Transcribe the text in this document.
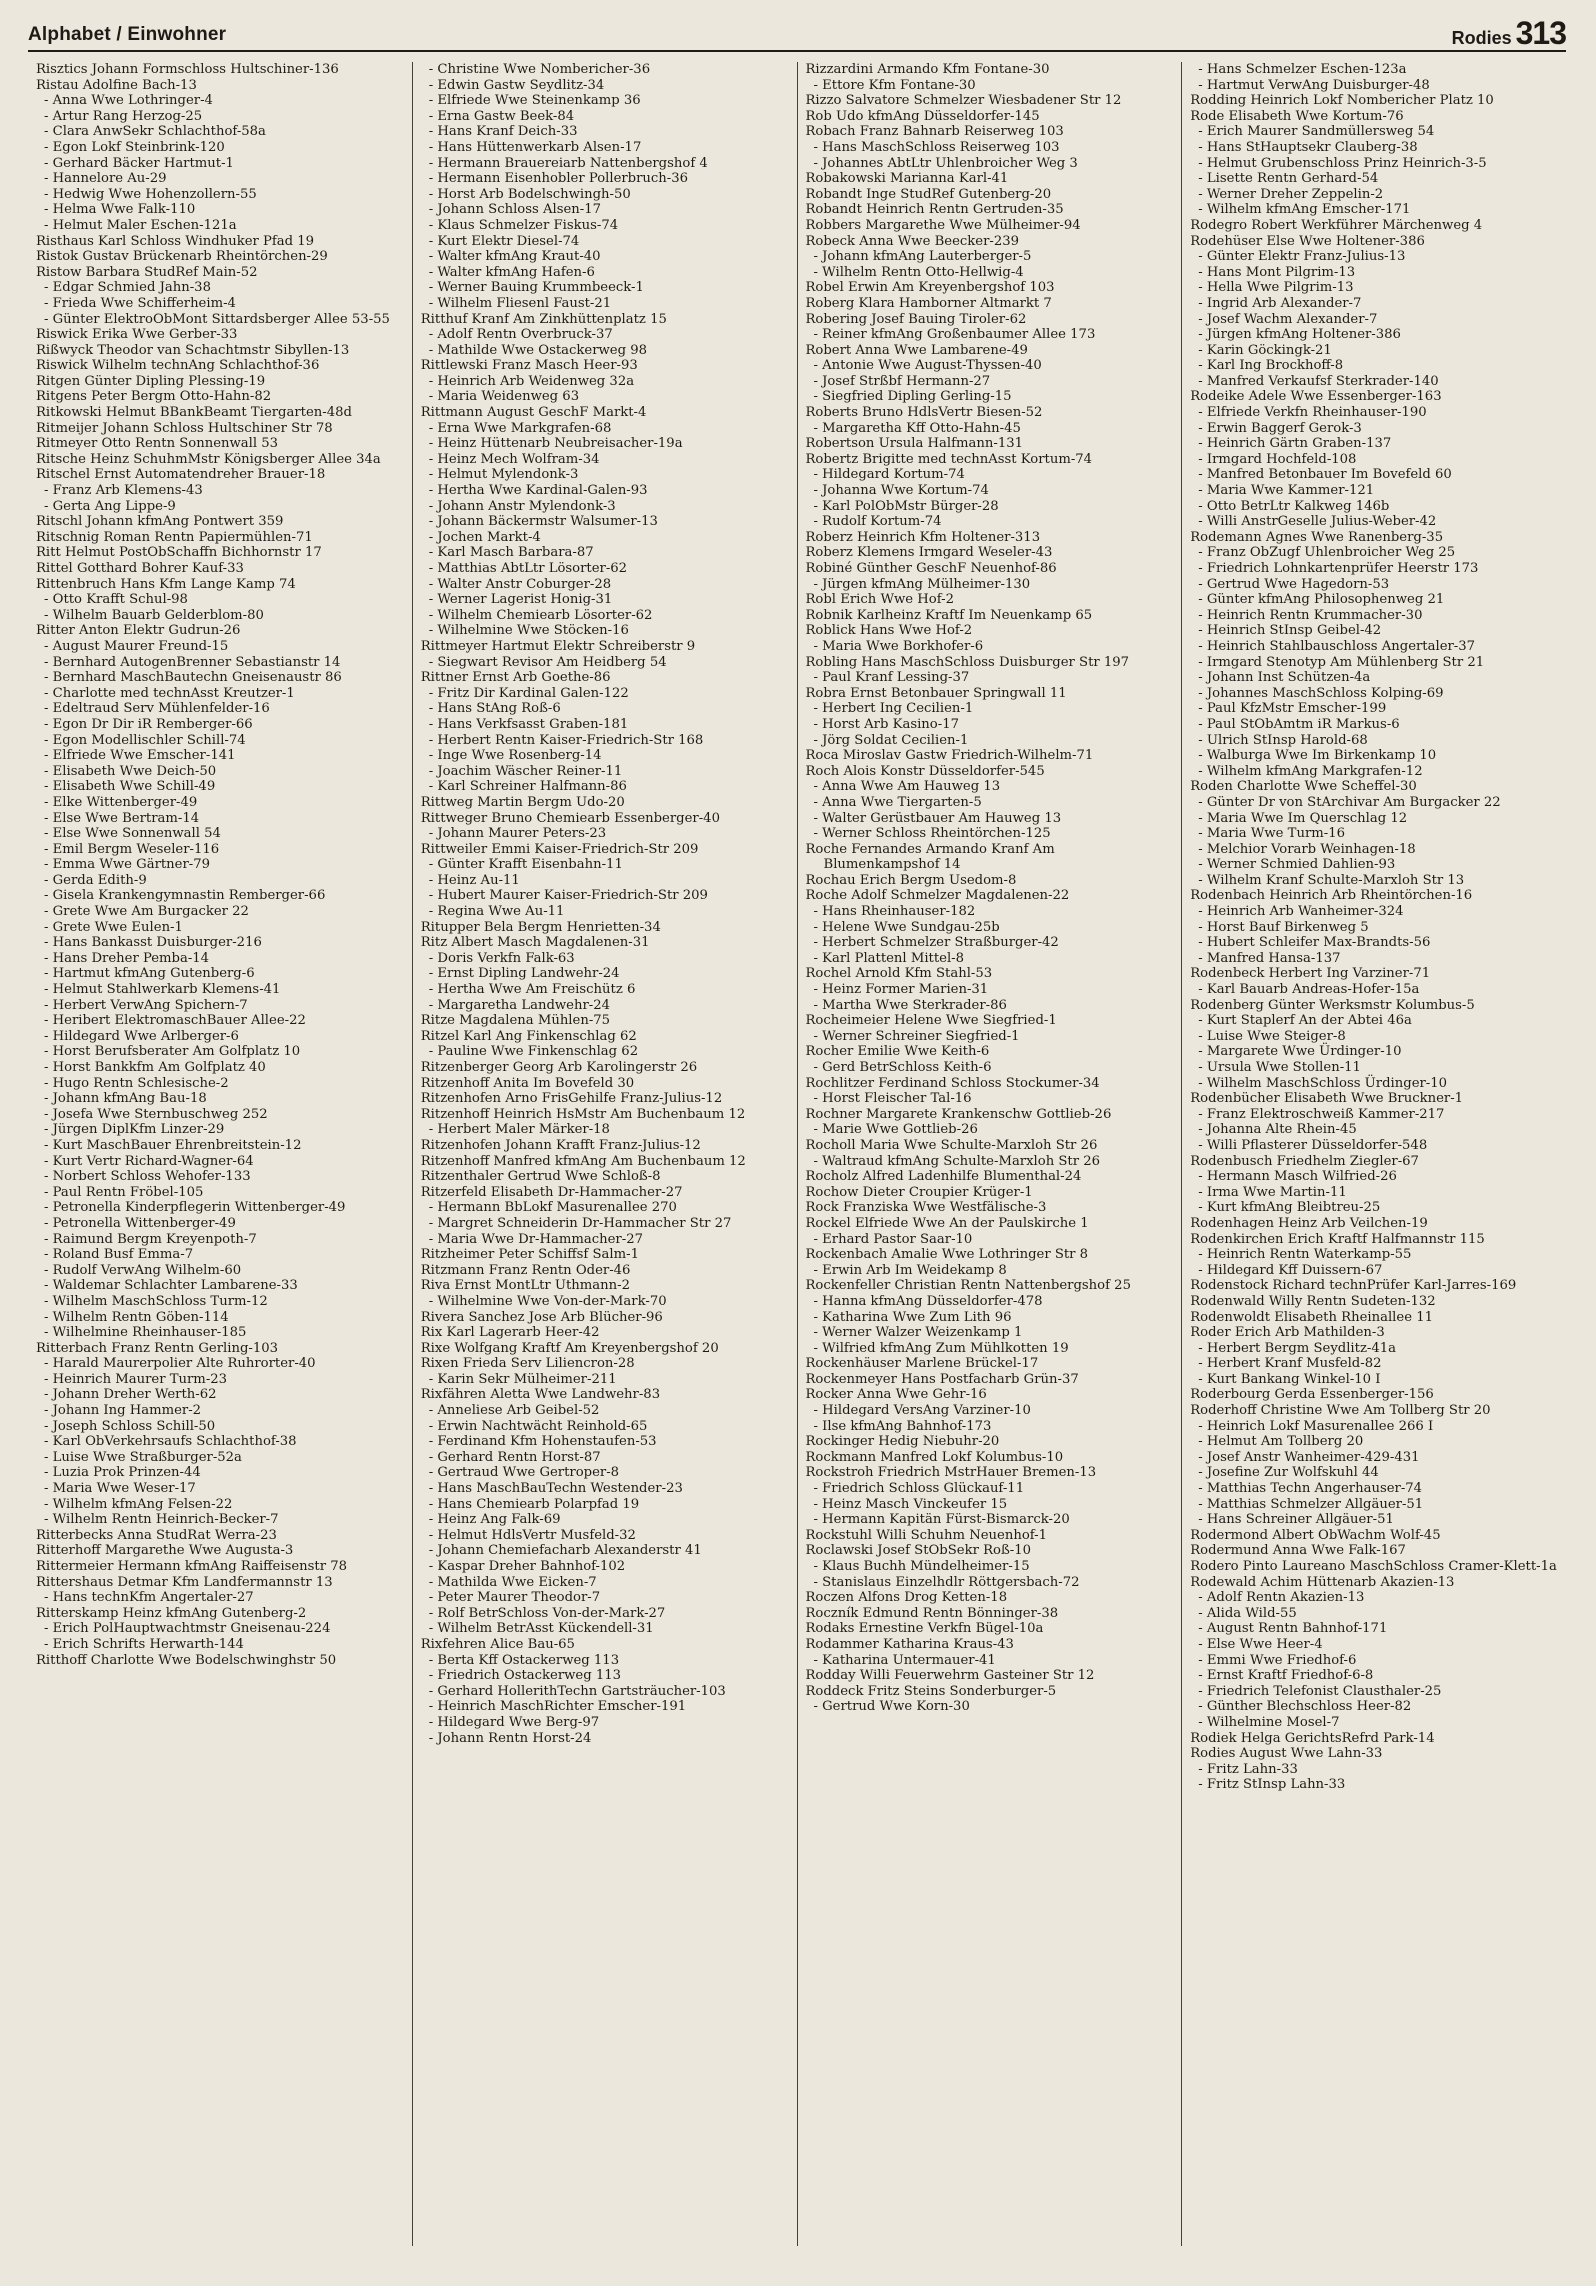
Alphabet / Einwohner	Rodies 313
Risztics Johann Formschloss Hultschiner-136
Ristau Adolfine Bach-13
- Anna Wwe Lothringer-4
- Artur Rang Herzog-25
- Clara AnwSekr Schlachthof-58a
- Egon Lokf Steinbrink-120
- Gerhard Bäcker Hartmut-1
- Hannelore Au-29
- Hedwig Wwe Hohenzollern-55
- Helma Wwe Falk-110
- Helmut Maler Eschen-121a
Risthaus Karl Schloss Windhuker Pfad 19
Ristok Gustav Brückenarb Rheintörchen-29
Ristow Barbara StudRef Main-52
- Edgar Schmied Jahn-38
- Frieda Wwe Schifferheim-4
- Günter ElektroObMont Sittardsberger Allee 53-55
Riswick Erika Wwe Gerber-33
Rißwyck Theodor van Schachtmstr Sibyllen-13
Riswick Wilhelm technAng Schlachthof-36
Ritgen Günter Dipling Plessing-19
Ritgens Peter Bergm Otto-Hahn-82
Ritkowski Helmut BBankBeamt Tiergarten-48d
Ritmeijer Johann Schloss Hultschiner Str 78
Ritmeyer Otto Rentn Sonnenwall 53
Ritsche Heinz SchuhmMstr Königsberger Allee 34a
Ritschel Ernst Automatendreher Brauer-18
- Franz Arb Klemens-43
- Gerta Ang Lippe-9
Ritschl Johann kfmAng Pontwert 359
Ritschnig Roman Rentn Papiermühlen-71
Ritt Helmut PostObSchaffn Bichhornstr 17
Rittel Gotthard Bohrer Kauf-33
Rittenbruch Hans Kfm Lange Kamp 74
- Otto Krafft Schul-98
- Wilhelm Bauarb Gelderblom-80
Ritter Anton Elektr Gudrun-26
- August Maurer Freund-15
- Bernhard AutogenBrenner Sebastianstr 14
- Bernhard MaschBautechn Gneisenaustr 86
- Charlotte med technAsst Kreutzer-1
- Edeltraud Serv Mühlenfelder-16
- Egon Dr Dir iR Remberger-66
- Egon Modellischler Schill-74
- Elfriede Wwe Emscher-141
- Elisabeth Wwe Deich-50
- Elisabeth Wwe Schill-49
- Elke Wittenberger-49
- Else Wwe Bertram-14
- Else Wwe Sonnenwall 54
- Emil Bergm Weseler-116
- Emma Wwe Gärtner-79
- Gerda Edith-9
- Gisela Krankengymnastin Remberger-66
- Grete Wwe Am Burgacker 22
- Grete Wwe Eulen-1
- Hans Bankasst Duisburger-216
- Hans Dreher Pemba-14
- Hartmut kfmAng Gutenberg-6
- Helmut Stahlwerkarb Klemens-41
- Herbert VerwAng Spichern-7
- Heribert ElektromaschBauer Allee-22
- Hildegard Wwe Arlberger-6
- Horst Berufsberater Am Golfplatz 10
- Horst Bankkfm Am Golfplatz 40
- Hugo Rentn Schlesische-2
- Johann kfmAng Bau-18
- Josefa Wwe Sternbuschweg 252
- Jürgen DiplKfm Linzer-29
- Kurt MaschBauer Ehrenbreitstein-12
- Kurt Vertr Richard-Wagner-64
- Norbert Schloss Wehofer-133
- Paul Rentn Fröbel-105
- Petronella Kinderpflegerin Wittenberger-49
- Petronella Wittenberger-49
- Raimund Bergm Kreyenpoth-7
- Roland Busf Emma-7
- Rudolf VerwAng Wilhelm-60
- Waldemar Schlachter Lambarene-33
- Wilhelm MaschSchloss Turm-12
- Wilhelm Rentn Göben-114
- Wilhelmine Rheinhauser-185
Ritterbach Franz Rentn Gerling-103
- Harald Maurerpolier Alte Ruhrorter-40
- Heinrich Maurer Turm-23
- Johann Dreher Werth-62
- Johann Ing Hammer-2
- Joseph Schloss Schill-50
- Karl ObVerkehrsaufs Schlachthof-38
- Luise Wwe Straßburger-52a
- Luzia Prok Prinzen-44
- Maria Wwe Weser-17
- Wilhelm kfmAng Felsen-22
- Wilhelm Rentn Heinrich-Becker-7
Ritterbecks Anna StudRat Werra-23
Ritterhoff Margarethe Wwe Augusta-3
Rittermeier Hermann kfmAng Raiffeisenstr 78
Rittershaus Detmar Kfm Landfermannstr 13
- Hans technKfm Angertaler-27
Ritterskamp Heinz kfmAng Gutenberg-2
- Erich PolHauptwachtmstr Gneisenau-224
- Erich Schrifts Herwarth-144
Ritthoff Charlotte Wwe Bodelschwinghstr 50
- Christine Wwe Nombericher-36
- Edwin Gastw Seydlitz-34
- Elfriede Wwe Steinenkamp 36
- Erna Gastw Beek-84
- Hans Kranf Deich-33
- Hans Hüttenwerkarb Alsen-17
- Hermann Brauereiarb Nattenbergshof 4
- Hermann Eisenhobler Pollerbruch-36
- Horst Arb Bodelschwingh-50
- Johann Schloss Alsen-17
- Klaus Schmelzer Fiskus-74
- Kurt Elektr Diesel-74
- Walter kfmAng Kraut-40
- Walter kfmAng Hafen-6
- Werner Bauing Krummbeeck-1
- Wilhelm Fliesenl Faust-21
Ritthuf Kranf Am Zinkhüttenplatz 15
- Adolf Rentn Overbruck-37
- Mathilde Wwe Ostackerweg 98
Rittlewski Franz Masch Heer-93
- Heinrich Arb Weidenweg 32a
- Maria Weidenweg 63
Rittmann August GeschF Markt-4
- Erna Wwe Markgrafen-68
- Heinz Hüttenarb Neubreisacher-19a
- Heinz Mech Wolfram-34
- Helmut Mylendonk-3
- Hertha Wwe Kardinal-Galen-93
- Johann Anstr Mylendonk-3
- Johann Bäckermstr Walsumer-13
- Jochen Markt-4
- Karl Masch Barbara-87
- Matthias AbtLtr Lösorter-62
- Walter Anstr Coburger-28
- Werner Lagerist Honig-31
- Wilhelm Chemiearb Lösorter-62
- Wilhelmine Wwe Stöcken-16
Rittmeyer Hartmut Elektr Schreiberstr 9
- Siegwart Revisor Am Heidberg 54
Rittner Ernst Arb Goethe-86
- Fritz Dir Kardinal Galen-122
- Hans StAng Roß-6
- Hans Verkfsasst Graben-181
- Herbert Rentn Kaiser-Friedrich-Str 168
- Inge Wwe Rosenberg-14
- Joachim Wäscher Reiner-11
- Karl Schreiner Halfmann-86
Rittweg Martin Bergm Udo-20
Rittweger Bruno Chemiearb Essenberger-40
- Johann Maurer Peters-23
Rittweiler Emmi Kaiser-Friedrich-Str 209
- Günter Krafft Eisenbahn-11
- Heinz Au-11
- Hubert Maurer Kaiser-Friedrich-Str 209
- Regina Wwe Au-11
Ritupper Bela Bergm Henrietten-34
Ritz Albert Masch Magdalenen-31
- Doris Verkfn Falk-63
- Ernst Dipling Landwehr-24
- Hertha Wwe Am Freischütz 6
- Margaretha Landwehr-24
Ritze Magdalena Mühlen-75
Ritzel Karl Ang Finkenschlag 62
- Pauline Wwe Finkenschlag 62
Ritzenberger Georg Arb Karolingerstr 26
Ritzenhoff Anita Im Bovefeld 30
Ritzenhofen Arno FrisGehilfe Franz-Julius-12
Ritzenhoff Heinrich HsMstr Am Buchenbaum 12
- Herbert Maler Märker-18
Ritzenhofen Johann Krafft Franz-Julius-12
Ritzenhoff Manfred kfmAng Am Buchenbaum 12
Ritzenthaler Gertrud Wwe Schloß-8
Ritzerfeld Elisabeth Dr-Hammacher-27
- Hermann BbLokf Masurenallee 270
- Margret Schneiderin Dr-Hammacher Str 27
- Maria Wwe Dr-Hammacher-27
Ritzheimer Peter Schiffsf Salm-1
Ritzmann Franz Rentn Oder-46
Riva Ernst MontLtr Uthmann-2
- Wilhelmine Wwe Von-der-Mark-70
Rivera Sanchez Jose Arb Blücher-96
Rix Karl Lagerarb Heer-42
Rixe Wolfgang Kraftf Am Kreyenbergshof 20
Rixen Frieda Serv Liliencron-28
- Karin Sekr Mülheimer-211
Rixfähren Aletta Wwe Landwehr-83
- Anneliese Arb Geibel-52
- Erwin Nachtwächt Reinhold-65
- Ferdinand Kfm Hohenstaufen-53
- Gerhard Rentn Horst-87
- Gertraud Wwe Gertroper-8
- Hans MaschBauTechn Westender-23
- Hans Chemiearb Polarpfad 19
- Heinz Ang Falk-69
- Helmut HdlsVertr Musfeld-32
- Johann Chemiefacharb Alexanderstr 41
- Kaspar Dreher Bahnhof-102
- Mathilda Wwe Eicken-7
- Peter Maurer Theodor-7
- Rolf BetrSchloss Von-der-Mark-27
- Wilhelm BetrAsst Kückendell-31
Rixfehren Alice Bau-65
- Berta Kff Ostackerweg 113
- Friedrich Ostackerweg 113
- Gerhard HollerithTechn Gartsträucher-103
- Heinrich MaschRichter Emscher-191
- Hildegard Wwe Berg-97
- Johann Rentn Horst-24
Rizzardini Armando Kfm Fontane-30
- Ettore Kfm Fontane-30
Rizzo Salvatore Schmelzer Wiesbadener Str 12
Rob Udo kfmAng Düsseldorfer-145
Robach Franz Bahnarb Reiserweg 103
- Hans MaschSchloss Reiserweg 103
- Johannes AbtLtr Uhlenbroicher Weg 3
Robakowski Marianna Karl-41
Robandt Inge StudRef Gutenberg-20
Robandt Heinrich Rentn Gertruden-35
Robbers Margarethe Wwe Mülheimer-94
Robeck Anna Wwe Beecker-239
- Johann kfmAng Lauterberger-5
- Wilhelm Rentn Otto-Hellwig-4
Robel Erwin Am Kreyenbergshof 103
Roberg Klara Hamborner Altmarkt 7
Robering Josef Bauing Tiroler-62
- Reiner kfmAng Großenbaumer Allee 173
Robert Anna Wwe Lambarene-49
- Antonie Wwe August-Thyssen-40
- Josef Strßbf Hermann-27
- Siegfried Dipling Gerling-15
Roberts Bruno HdlsVertr Biesen-52
- Margaretha Kff Otto-Hahn-45
Robertson Ursula Halfmann-131
Robertz Brigitte med technAsst Kortum-74
- Hildegard Kortum-74
- Johanna Wwe Kortum-74
- Karl PolObMstr Bürger-28
- Rudolf Kortum-74
Roberz Heinrich Kfm Holtener-313
Roberz Klemens Irmgard Weseler-43
Robiné Günther GeschF Neuenhof-86
- Jürgen kfmAng Mülheimer-130
Robl Erich Wwe Hof-2
Robnik Karlheinz Kraftf Im Neuenkamp 65
Roblick Hans Wwe Hof-2
- Maria Wwe Borkhofer-6
Robling Hans MaschSchloss Duisburger Str 197
- Paul Kranf Lessing-37
Robra Ernst Betonbauer Springwall 11
- Herbert Ing Cecilien-1
- Horst Arb Kasino-17
- Jörg Soldat Cecilien-1
Roca Miroslav Gastw Friedrich-Wilhelm-71
Roch Alois Konstr Düsseldorfer-545
- Anna Wwe Am Hauweg 13
- Anna Wwe Tiergarten-5
- Walter Gerüstbauer Am Hauweg 13
- Werner Schloss Rheintörchen-125
Roche Fernandes Armando Kranf Am Blumenkampshof 14
Rochau Erich Bergm Usedom-8
Roche Adolf Schmelzer Magdalenen-22
- Hans Rheinhauser-182
- Helene Wwe Sundgau-25b
- Herbert Schmelzer Straßburger-42
- Karl Plattenl Mittel-8
Rochel Arnold Kfm Stahl-53
- Heinz Former Marien-31
- Martha Wwe Sterkrader-86
Rocheimeier Helene Wwe Siegfried-1
- Werner Schreiner Siegfried-1
Rocher Emilie Wwe Keith-6
- Gerd BetrSchloss Keith-6
Rochlitzer Ferdinand Schloss Stockumer-34
- Horst Fleischer Tal-16
Rochner Margarete Krankenschw Gottlieb-26
- Marie Wwe Gottlieb-26
Rocholl Maria Wwe Schulte-Marxloh Str 26
- Waltraud kfmAng Schulte-Marxloh Str 26
Rocholz Alfred Ladenhilfe Blumenthal-24
Rochow Dieter Croupier Krüger-1
Rock Franziska Wwe Westfälische-3
Rockel Elfriede Wwe An der Paulskirche 1
- Erhard Pastor Saar-10
Rockenbach Amalie Wwe Lothringer Str 8
- Erwin Arb Im Weidekamp 8
Rockenfeller Christian Rentn Nattenbergshof 25
- Hanna kfmAng Düsseldorfer-478
- Katharina Wwe Zum Lith 96
- Werner Walzer Weizenkamp 1
- Wilfried kfmAng Zum Mühlkotten 19
Rockenhäuser Marlene Brückel-17
Rockenmeyer Hans Postfacharb Grün-37
Rocker Anna Wwe Gehr-16
- Hildegard VersAng Varziner-10
- Ilse kfmAng Bahnhof-173
Rockinger Hedig Niebuhr-20
Rockmann Manfred Lokf Kolumbus-10
Rockstroh Friedrich MstrHauer Bremen-13
- Friedrich Schloss Glückauf-11
- Heinz Masch Vinckeufer 15
- Hermann Kapitän Fürst-Bismarck-20
Rockstuhl Willi Schuhm Neuenhof-1
Roclawski Josef StObSekr Roß-10
- Klaus Buchh Mündelheimer-15
- Stanislaus Einzelhdlr Röttgersbach-72
Roczen Alfons Drog Ketten-18
Roczník Edmund Rentn Bönninger-38
Rodaks Ernestine Verkfn Bügel-10a
Rodammer Katharina Kraus-43
- Katharina Untermauer-41
Rodday Willi Feuerwehrm Gasteiner Str 12
Roddeck Fritz Steins Sonderburger-5
- Gertrud Wwe Korn-30
- Hans Schmelzer Eschen-123a
- Hartmut VerwAng Duisburger-48
Rodding Heinrich Lokf Nombericher Platz 10
Rode Elisabeth Wwe Kortum-76
- Erich Maurer Sandmüllersweg 54
- Hans StHauptsekr Clauberg-38
- Helmut Grubenschloss Prinz Heinrich-3-5
- Lisette Rentn Gerhard-54
- Werner Dreher Zeppelin-2
- Wilhelm kfmAng Emscher-171
Rodegro Robert Werkführer Märchenweg 4
Rodehüser Else Wwe Holtener-386
- Günter Elektr Franz-Julius-13
- Hans Mont Pilgrim-13
- Hella Wwe Pilgrim-13
- Ingrid Arb Alexander-7
- Josef Wachm Alexander-7
- Jürgen kfmAng Holtener-386
- Karin Göckingk-21
- Karl Ing Brockhoff-8
- Manfred Verkaufsf Sterkrader-140
Rodeike Adele Wwe Essenberger-163
- Elfriede Verkfn Rheinhauser-190
- Erwin Baggerf Gerok-3
- Heinrich Gärtn Graben-137
- Irmgard Hochfeld-108
- Manfred Betonbauer Im Bovefeld 60
- Maria Wwe Kammer-121
- Otto BetrLtr Kalkweg 146b
- Willi AnstrGeselle Julius-Weber-42
Rodemann Agnes Wwe Ranenberg-35
- Franz ObZugf Uhlenbroicher Weg 25
- Friedrich Lohnkartenprüfer Heerstr 173
- Gertrud Wwe Hagedorn-53
- Günter kfmAng Philosophenweg 21
- Heinrich Rentn Krummacher-30
- Heinrich StInsp Geibel-42
- Heinrich Stahlbauschloss Angertaler-37
- Irmgard Stenotyp Am Mühlenberg Str 21
- Johann Inst Schützen-4a
- Johannes MaschSchloss Kolping-69
- Paul KfzMstr Emscher-199
- Paul StObAmtm iR Markus-6
- Ulrich StInsp Harold-68
- Walburga Wwe Im Birkenkamp 10
- Wilhelm kfmAng Markgrafen-12
Roden Charlotte Wwe Scheffel-30
- Günter Dr von StArchivar Am Burgacker 22
- Maria Wwe Im Querschlag 12
- Maria Wwe Turm-16
- Melchior Vorarb Weinhagen-18
- Werner Schmied Dahlien-93
- Wilhelm Kranf Schulte-Marxloh Str 13
Rodenbach Heinrich Arb Rheintörchen-16
- Heinrich Arb Wanheimer-324
- Horst Bauf Birkenweg 5
- Hubert Schleifer Max-Brandts-56
- Manfred Hansa-137
Rodenbeck Herbert Ing Varziner-71
- Karl Bauarb Andreas-Hofer-15a
Rodenberg Günter Werksmstr Kolumbus-5
- Kurt Staplerf An der Abtei 46a
- Luise Wwe Steiger-8
- Margarete Wwe Ürdinger-10
- Ursula Wwe Stollen-11
- Wilhelm MaschSchloss Ürdinger-10
Rodenbücher Elisabeth Wwe Bruckner-1
- Franz Elektroschweiß Kammer-217
- Johanna Alte Rhein-45
- Willi Pflasterer Düsseldorfer-548
Rodenbusch Friedhelm Ziegler-67
- Hermann Masch Wilfried-26
- Irma Wwe Martin-11
- Kurt kfmAng Bleibtreu-25
Rodenhagen Heinz Arb Veilchen-19
Rodenkirchen Erich Kraftf Halfmannstr 115
- Heinrich Rentn Waterkamp-55
- Hildegard Kff Duissern-67
Rodenstock Richard technPrüfer Karl-Jarres-169
Rodenwald Willy Rentn Sudeten-132
Rodenwoldt Elisabeth Rheinallee 11
Roder Erich Arb Mathilden-3
- Herbert Bergm Seydlitz-41a
- Herbert Kranf Musfeld-82
- Kurt Bankang Winkel-10 I
Roderbourg Gerda Essenberger-156
Roderhoff Christine Wwe Am Tollberg Str 20
- Heinrich Lokf Masurenallee 266 I
- Helmut Am Tollberg 20
- Josef Anstr Wanheimer-429-431
- Josefine Zur Wolfskuhl 44
- Matthias Techn Angerhauser-74
- Matthias Schmelzer Allgäuer-51
- Hans Schreiner Allgäuer-51
Rodermond Albert ObWachm Wolf-45
Rodermund Anna Wwe Falk-167
Rodero Pinto Laureano MaschSchloss Cramer-Klett-1a
Rodewald Achim Hüttenarb Akazien-13
- Adolf Rentn Akazien-13
- Alida Wild-55
- August Rentn Bahnhof-171
- Else Wwe Heer-4
- Emmi Wwe Friedhof-6
- Ernst Kraftf Friedhof-6-8
- Friedrich Telefonist Clausthaler-25
- Günther Blechschloss Heer-82
- Wilhelmine Mosel-7
Rodiek Helga GerichtsRefrd Park-14
Rodies August Wwe Lahn-33
- Fritz Lahn-33
- Fritz StInsp Lahn-33
